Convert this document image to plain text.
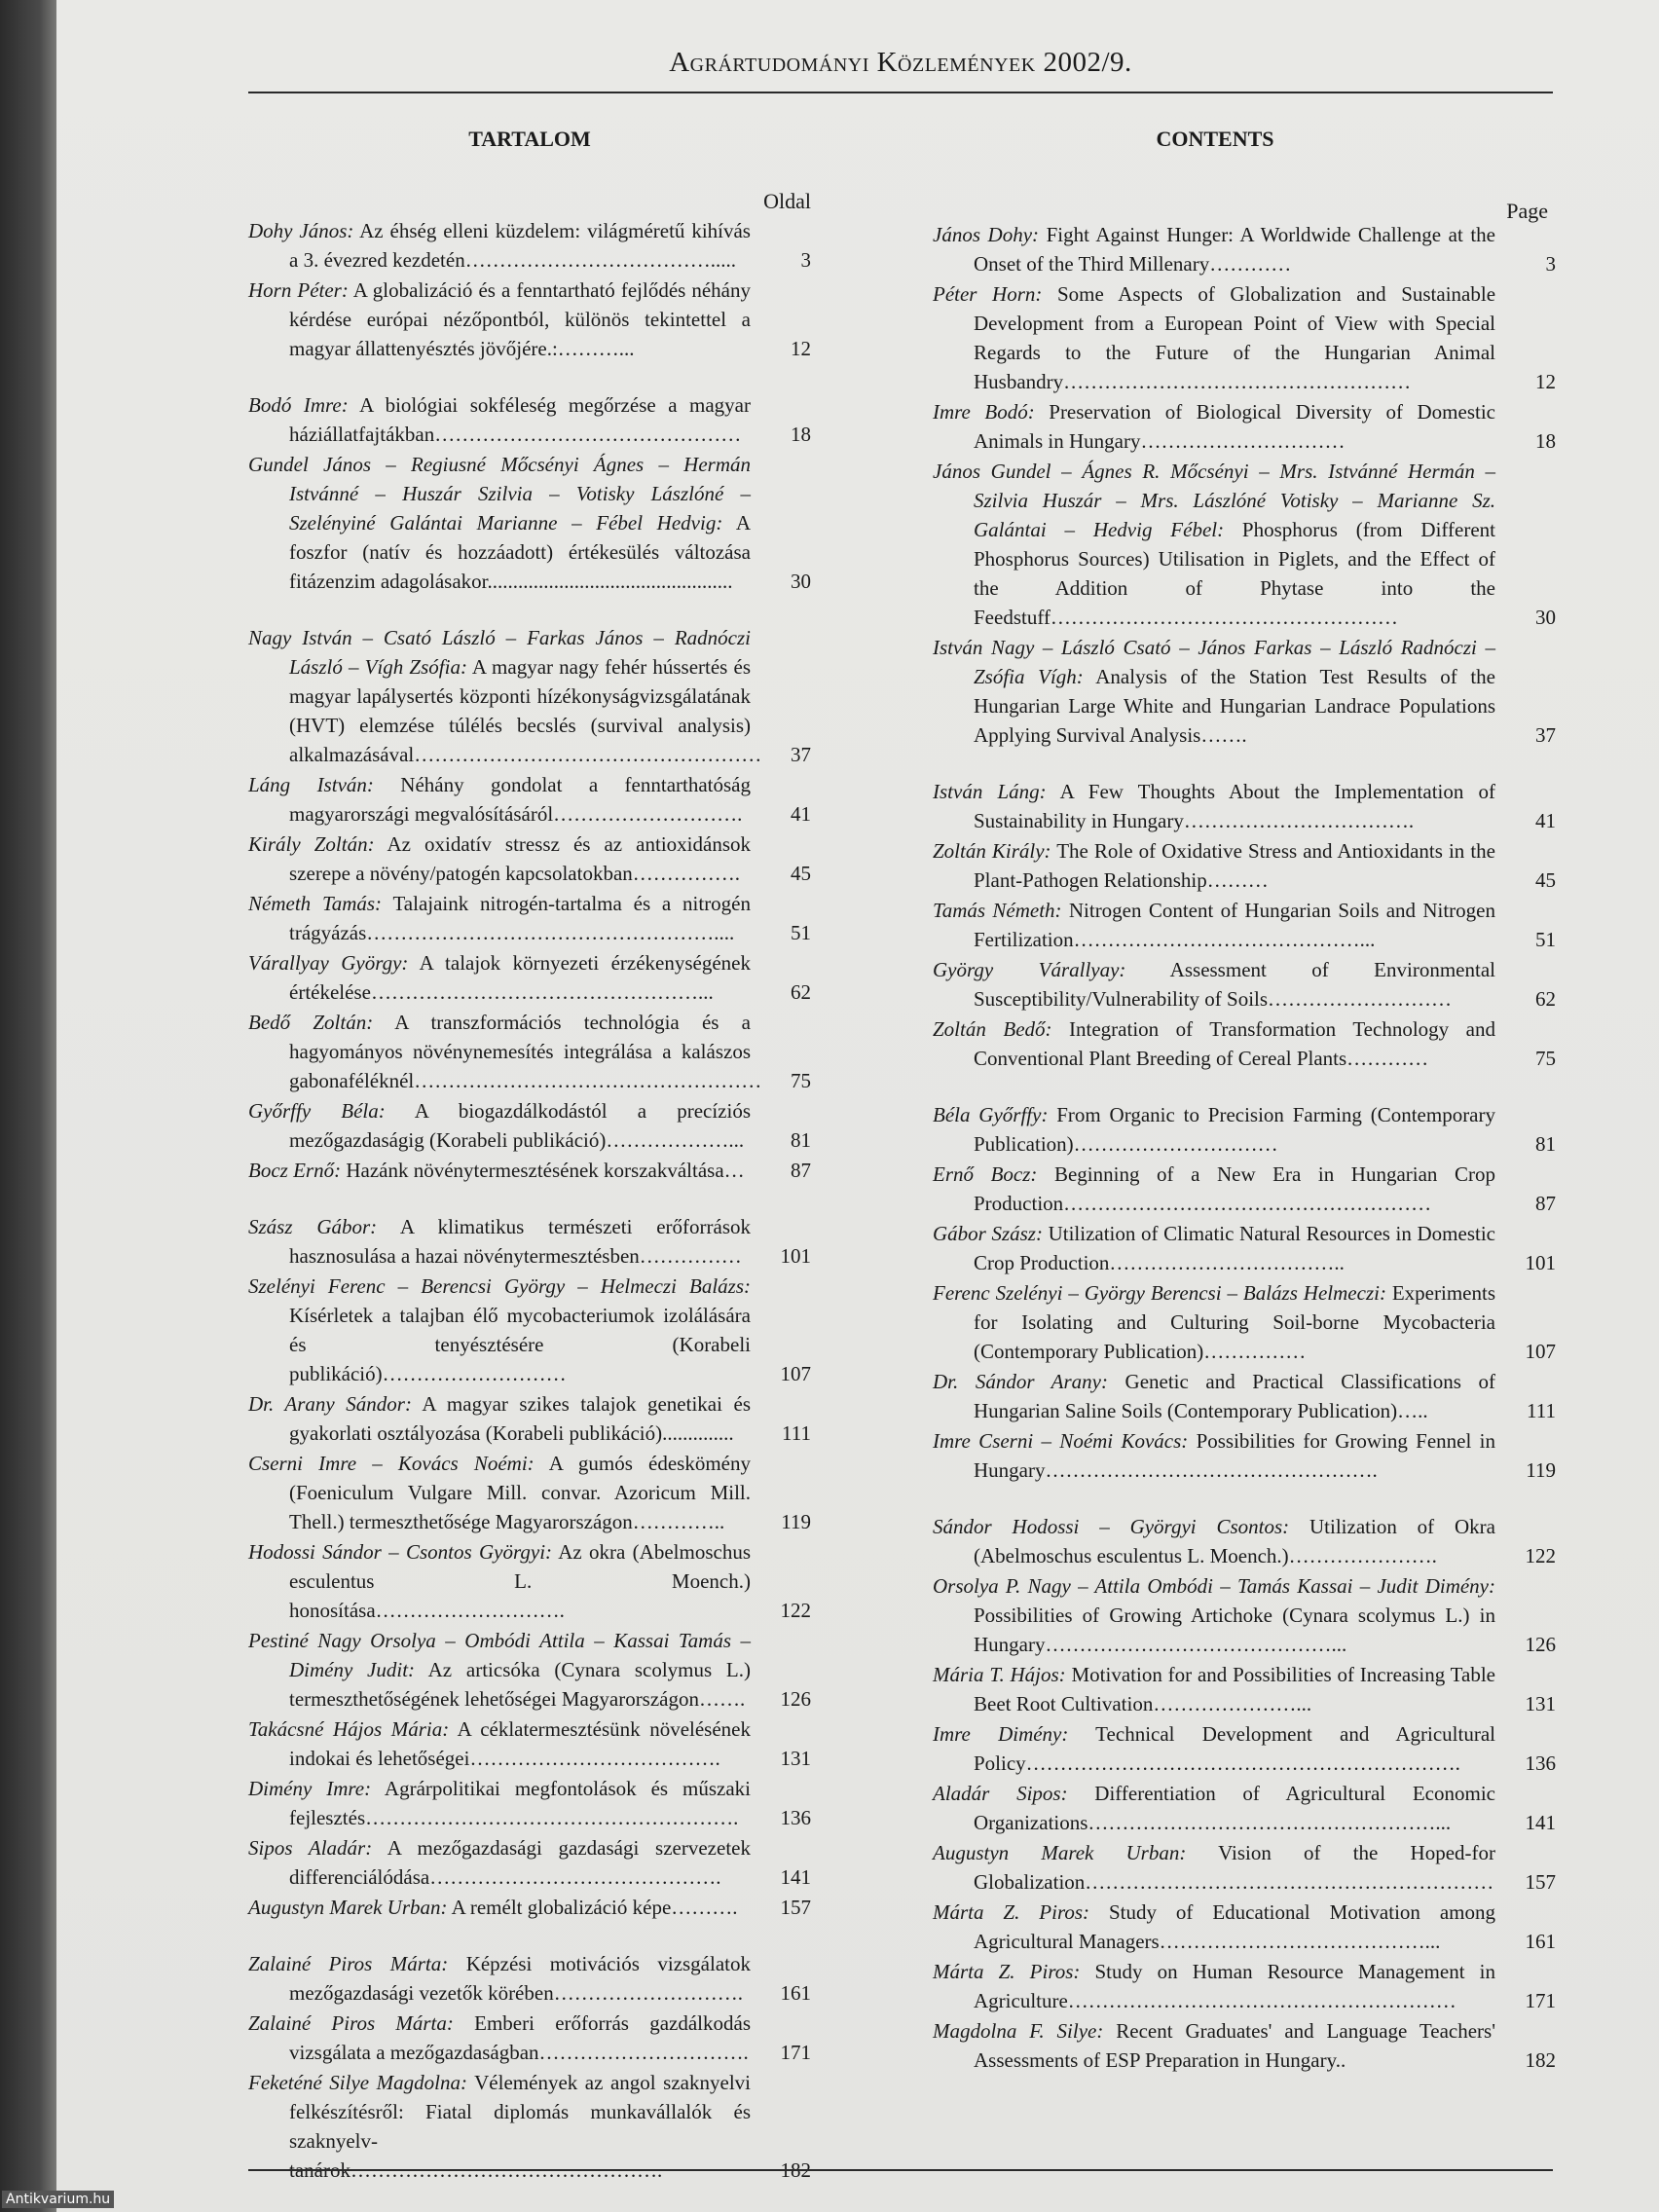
Agrártudományi Közlemények 2002/9.
TARTALOM
Oldal
Dohy János: Az éhség elleni küzdelem: világméretű kihívás a 3. évezred kezdetén……………………………….....	3
Horn Péter: A globalizáció és a fenntartható fejlődés néhány kérdése európai nézőpontból, különös tekintettel a magyar állattenyésztés jövőjére.:………...	12
Bodó Imre: A biológiai sokféleség megőrzése a magyar háziállatfajtákban………………………………………	18
Gundel János – Regiusné Mőcsényi Ágnes – Hermán Istvánné – Huszár Szilvia – Votisky Lászlóné – Szelényiné Galántai Marianne – Fébel Hedvig: A foszfor (natív és hozzáadott) értékesülés változása fitázenzim adagolásakor................................................	30
Nagy István – Csató László – Farkas János – Radnóczi László – Vígh Zsófia: A magyar nagy fehér hússertés és magyar lapálysertés központi hízékonyságvizsgálatának (HVT) elemzése túlélés becslés (survival analysis) alkalmazásával……………………………………………	37
Láng István: Néhány gondolat a fenntarthatóság magyarországi megvalósításáról……………………….	41
Király Zoltán: Az oxidatív stressz és az antioxidánsok szerepe a növény/patogén kapcsolatokban…………….	45
Németh Tamás: Talajaink nitrogén-tartalma és a nitrogén trágyázás……………………………………………....	51
Várallyay György: A talajok környezeti érzékenységének értékelése…………………………………………...	62
Bedő Zoltán: A transzformációs technológia és a hagyományos növénynemesítés integrálása a kalászos gabonaféléknél……………………………………………	75
Győrffy Béla: A biogazdálkodástól a precíziós mezőgazdaságig (Korabeli publikáció)………………...	81
Bocz Ernő: Hazánk növénytermesztésének korszakváltása…	87
Szász Gábor: A klimatikus természeti erőforrások hasznosulása a hazai növénytermesztésben……………	101
Szelényi Ferenc – Berencsi György – Helmeczi Balázs: Kísérletek a talajban élő mycobacteriumok izolálására és tenyésztésére (Korabeli publikáció)………………………	107
Dr. Arany Sándor: A magyar szikes talajok genetikai és gyakorlati osztályozása (Korabeli publikáció)..............	111
Cserni Imre – Kovács Noémi: A gumós édeskömény (Foeniculum Vulgare Mill. convar. Azoricum Mill. Thell.) termeszthetősége Magyarországon…………..	119
Hodossi Sándor – Csontos Györgyi: Az okra (Abelmoschus esculentus L. Moench.) honosítása……………………….	122
Pestiné Nagy Orsolya – Ombódi Attila – Kassai Tamás – Dimény Judit: Az articsóka (Cynara scolymus L.) termeszthetőségének lehetőségei Magyarországon…….	126
Takácsné Hájos Mária: A céklatermesztésünk növelésének indokai és lehetőségei……………………………….	131
Dimény Imre: Agrárpolitikai megfontolások és műszaki fejlesztés……………………………………………….	136
Sipos Aladár: A mezőgazdasági gazdasági szervezetek differenciálódása…………………………………….	141
Augustyn Marek Urban: A remélt globalizáció képe……….	157
Zalainé Piros Márta: Képzési motivációs vizsgálatok mezőgazdasági vezetők körében……………………….	161
Zalainé Piros Márta: Emberi erőforrás gazdálkodás vizsgálata a mezőgazdaságban………………………….	171
Feketéné Silye Magdolna: Vélemények az angol szaknyelvi felkészítésről: Fiatal diplomás munkavállalók és szaknyelv-tanárok……………………………………….	182
CONTENTS
Page
János Dohy: Fight Against Hunger: A Worldwide Challenge at the Onset of the Third Millenary…………	3
Péter Horn: Some Aspects of Globalization and Sustainable Development from a European Point of View with Special Regards to the Future of the Hungarian Animal Husbandry……………………………………………	12
Imre Bodó: Preservation of Biological Diversity of Domestic Animals in Hungary…………………………	18
János Gundel – Ágnes R. Mőcsényi – Mrs. Istvánné Hermán – Szilvia Huszár – Mrs. Lászlóné Votisky – Marianne Sz. Galántai – Hedvig Fébel: Phosphorus (from Different Phosphorus Sources) Utilisation in Piglets, and the Effect of the Addition of Phytase into the Feedstuff……………………………………………	30
István Nagy – László Csató – János Farkas – László Radnóczi – Zsófia Vígh: Analysis of the Station Test Results of the Hungarian Large White and Hungarian Landrace Populations Applying Survival Analysis…….	37
István Láng: A Few Thoughts About the Implementation of Sustainability in Hungary…………………………….	41
Zoltán Király: The Role of Oxidative Stress and Antioxidants in the Plant-Pathogen Relationship………	45
Tamás Németh: Nitrogen Content of Hungarian Soils and Nitrogen Fertilization……………………………………...	51
György Várallyay: Assessment of Environmental Susceptibility/Vulnerability of Soils………………………	62
Zoltán Bedő: Integration of Transformation Technology and Conventional Plant Breeding of Cereal Plants…………	75
Béla Győrffy: From Organic to Precision Farming (Contemporary Publication)…………………………	81
Ernő Bocz: Beginning of a New Era in Hungarian Crop Production………………………………………………	87
Gábor Szász: Utilization of Climatic Natural Resources in Domestic Crop Production……………………………..	101
Ferenc Szelényi – György Berencsi – Balázs Helmeczi: Experiments for Isolating and Culturing Soil-borne Mycobacteria (Contemporary Publication)……………	107
Dr. Sándor Arany: Genetic and Practical Classifications of Hungarian Saline Soils (Contemporary Publication)…..	111
Imre Cserni – Noémi Kovács: Possibilities for Growing Fennel in Hungary………………………………………….	119
Sándor Hodossi – Györgyi Csontos: Utilization of Okra (Abelmoschus esculentus L. Moench.)………………….	122
Orsolya P. Nagy – Attila Ombódi – Tamás Kassai – Judit Dimény: Possibilities of Growing Artichoke (Cynara scolymus L.) in Hungary……………………………………...	126
Mária T. Hájos: Motivation for and Possibilities of Increasing Table Beet Root Cultivation…………………...	131
Imre Dimény: Technical Development and Agricultural Policy……………………………………………………….	136
Aladár Sipos: Differentiation of Agricultural Economic Organizations……………………………………………...	141
Augustyn Marek Urban: Vision of the Hoped-for Globalization……………………………………………………	157
Márta Z. Piros: Study of Educational Motivation among Agricultural Managers…………………………………...	161
Márta Z. Piros: Study on Human Resource Management in Agriculture…………………………………………………	171
Magdolna F. Silye: Recent Graduates' and Language Teachers' Assessments of ESP Preparation in Hungary..	182
Antikvarium.hu
